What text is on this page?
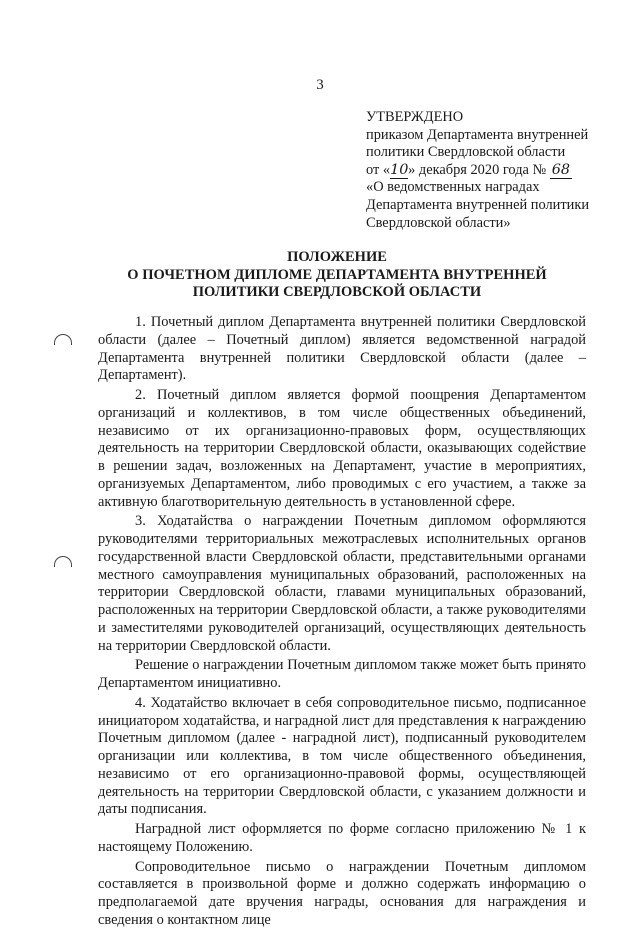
3
УТВЕРЖДЕНО
приказом Департамента внутренней
политики Свердловской области
от «10» декабря 2020 года № 68
«О ведомственных наградах
Департамента внутренней политики
Свердловской области»
ПОЛОЖЕНИЕ
О ПОЧЕТНОМ ДИПЛОМЕ ДЕПАРТАМЕНТА ВНУТРЕННЕЙ
ПОЛИТИКИ СВЕРДЛОВСКОЙ ОБЛАСТИ

1. Почетный диплом Департамента внутренней политики Свердловской области (далее – Почетный диплом) является ведомственной наградой Департамента внутренней политики Свердловской области (далее – Департамент).

2. Почетный диплом является формой поощрения Департаментом организаций и коллективов, в том числе общественных объединений, независимо от их организационно-правовых форм, осуществляющих деятельность на территории Свердловской области, оказывающих содействие в решении задач, возложенных на Департамент, участие в мероприятиях, организуемых Департаментом, либо проводимых с его участием, а также за активную благотворительную деятельность в установленной сфере.

3. Ходатайства о награждении Почетным дипломом оформляются руководителями территориальных межотраслевых исполнительных органов государственной власти Свердловской области, представительными органами местного самоуправления муниципальных образований, расположенных на территории Свердловской области, главами муниципальных образований, расположенных на территории Свердловской области, а также руководителями и заместителями руководителей организаций, осуществляющих деятельность на территории Свердловской области.

Решение о награждении Почетным дипломом также может быть принято Департаментом инициативно.

4. Ходатайство включает в себя сопроводительное письмо, подписанное инициатором ходатайства, и наградной лист для представления к награждению Почетным дипломом (далее - наградной лист), подписанный руководителем организации или коллектива, в том числе общественного объединения, независимо от его организационно-правовой формы, осуществляющей деятельность на территории Свердловской области, с указанием должности и даты подписания.

Наградной лист оформляется по форме согласно приложению № 1 к настоящему Положению.

Сопроводительное письмо о награждении Почетным дипломом составляется в произвольной форме и должно содержать информацию о предполагаемой дате вручения награды, основания для награждения и сведения о контактном лице
